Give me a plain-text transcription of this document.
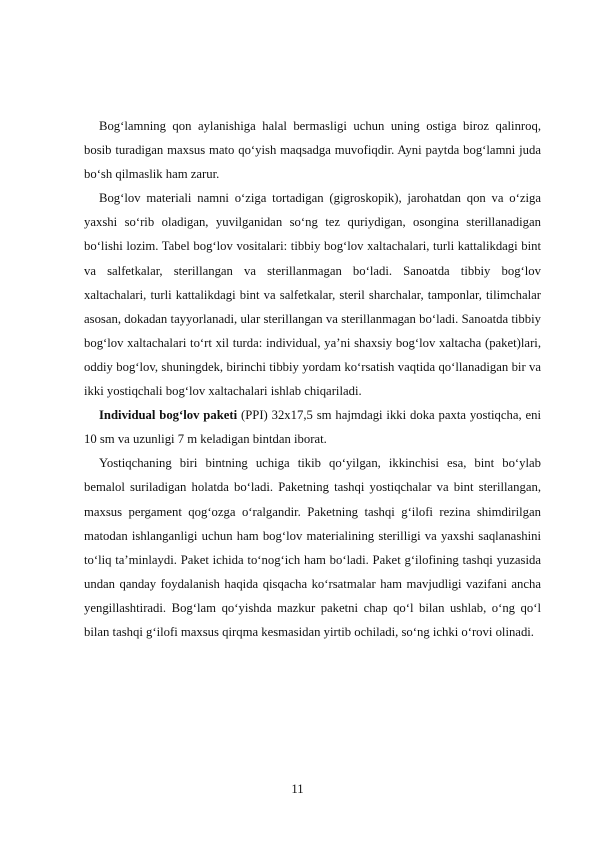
Bog‘lamning qon aylanishiga halal bermasligi uchun uning ostiga biroz qalinroq, bosib turadigan maxsus mato qo‘yish maqsadga muvofiqdir. Ayni paytda bog‘lamni juda bo‘sh qilmaslik ham zarur.

Bog‘lov materiali namni o‘ziga tortadigan (gigroskopik), jarohatdan qon va o‘ziga yaxshi so‘rib oladigan, yuvilganidan so‘ng tez quriydigan, osongina sterillanadigan bo‘lishi lozim. Tabel bog‘lov vositalari: tibbiy bog‘lov xaltachalari, turli kattalikdagi bint va salfetkalar, sterillangan va sterillanmagan bo‘ladi. Sanoatda tibbiy bog‘lov xaltachalari, turli kattalikdagi bint va salfetkalar, steril sharchalar, tamponlar, tilimchalar asosan, dokadan tayyorlanadi, ular sterillangan va sterillanmagan bo‘ladi. Sanoatda tibbiy bog‘lov xaltachalari to‘rt xil turda: individual, ya’ni shaxsiy bog‘lov xaltacha (paket)lari, oddiy bog‘lov, shuningdek, birinchi tibbiy yordam ko‘rsatish vaqtida qo‘llanadigan bir va ikki yostiqchali bog‘lov xaltachalari ishlab chiqariladi.

Individual bog‘lov paketi (PPI) 32x17,5 sm hajmdagi ikki doka paxta yostiqcha, eni 10 sm va uzunligi 7 m keladigan bintdan iborat.

Yostiqchaning biri bintning uchiga tikib qo‘yilgan, ikkinchisi esa, bint bo‘ylab bemalol suriladigan holatda bo‘ladi. Paketning tashqi yostiqchalar va bint sterillangan, maxsus pergament qog‘ozga o‘ralgandir. Paketning tashqi g‘ilofi rezina shimdirilgan matodan ishlanganligi uchun ham bog‘lov materialining sterilligi va yaxshi saqlanashini to‘liq ta’minlaydi. Paket ichida to‘nog‘ich ham bo‘ladi. Paket g‘ilofining tashqi yuzasida undan qanday foydalanish haqida qisqacha ko‘rsatmalar ham mavjudligi vazifani ancha yengillashtiradi. Bog‘lam qo‘yishda mazkur paketni chap qo‘l bilan ushlab, o‘ng qo‘l bilan tashqi g‘ilofi maxsus qirqma kesmasidan yirtib ochiladi, so‘ng ichki o‘rovi olinadi.

11
